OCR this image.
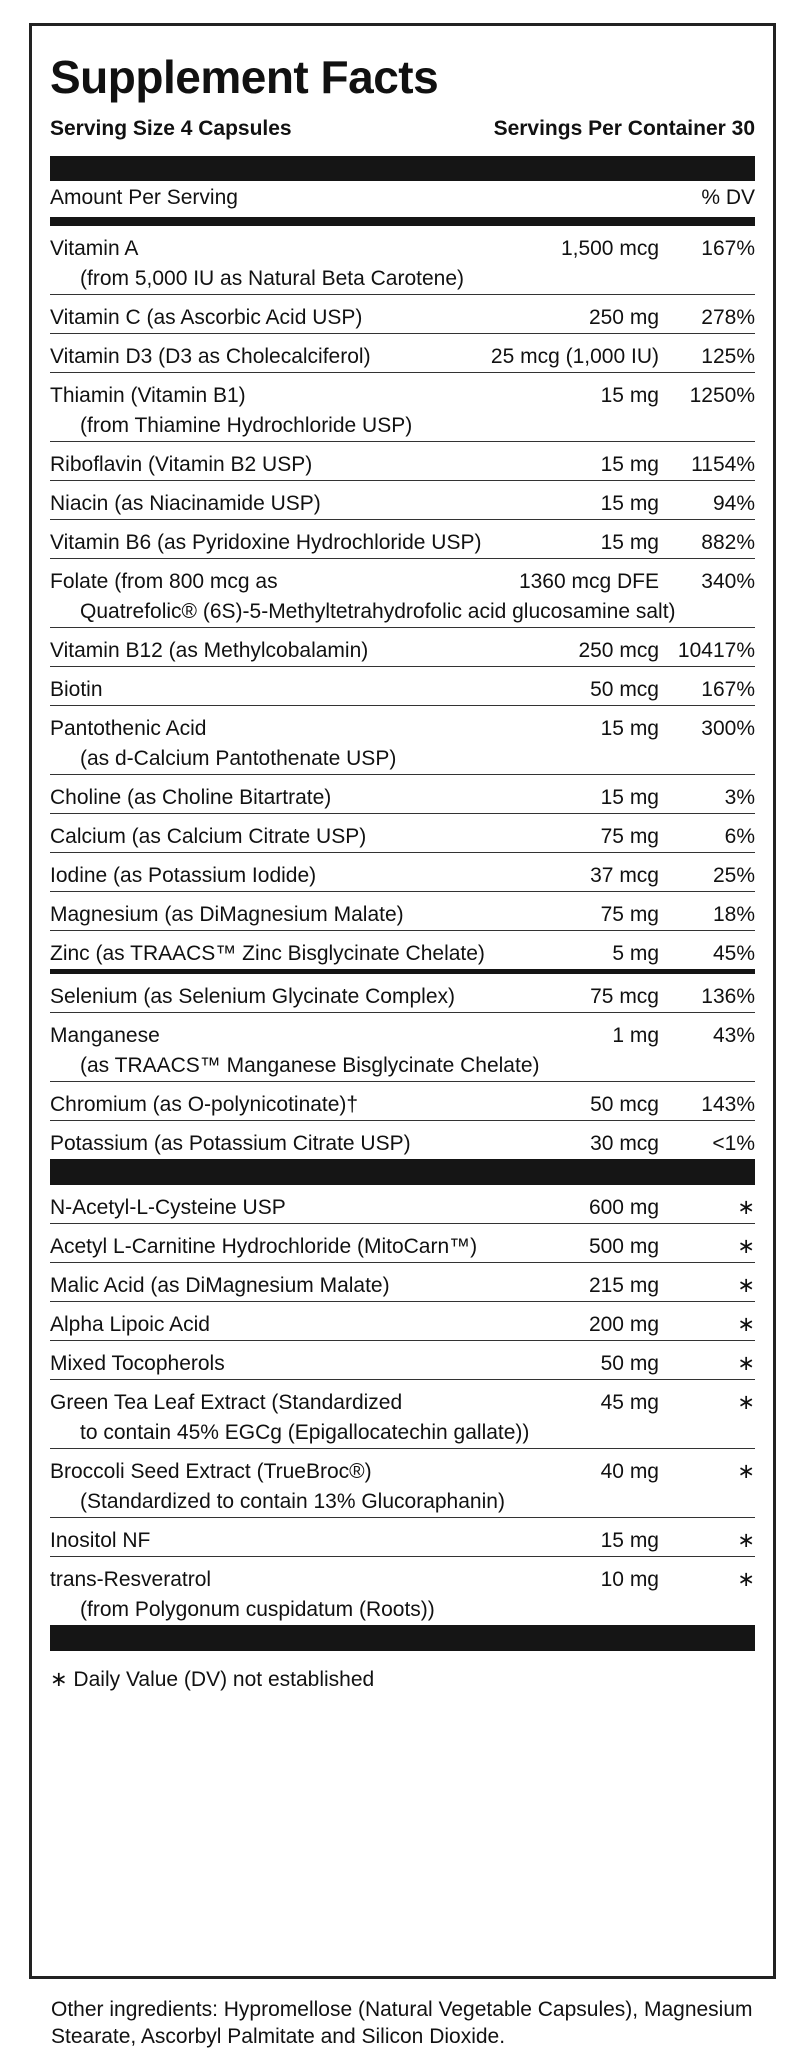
Supplement Facts
Serving Size 4 Capsules	Servings Per Container 30
Amount Per Serving	% DV
Vitamin A
(from 5,000 IU as Natural Beta Carotene)
1,500 mcg	167%
Vitamin C (as Ascorbic Acid USP)	250 mg	278%
Vitamin D3 (D3 as Cholecalciferol)	25 mcg (1,000 IU)	125%
Thiamin (Vitamin B1)
(from Thiamine Hydrochloride USP)
15 mg	1250%
Riboflavin (Vitamin B2 USP)	15 mg	1154%
Niacin (as Niacinamide USP)	15 mg	94%
Vitamin B6 (as Pyridoxine Hydrochloride USP)	15 mg	882%
Folate (from 800 mcg as	1360 mcg DFE	340%
Quatrefolic® (6S)-5-Methyltetrahydrofolic acid glucosamine salt)
Vitamin B12 (as Methylcobalamin)	250 mcg 10417%
Biotin	50 mcg	167%
Pantothenic Acid
(as d-Calcium Pantothenate USP)
15 mg	300%
Choline (as Choline Bitartrate)	15 mg	3%
Calcium (as Calcium Citrate USP)	75 mg	6%
Iodine (as Potassium Iodide)	37 mcg	25%
Magnesium (as DiMagnesium Malate)	75 mg	18%
Zinc (as TRAACS™ Zinc Bisglycinate Chelate)	5 mg	45%
Selenium (as Selenium Glycinate Complex)	75 mcg	136%
Manganese
(as TRAACS™ Manganese Bisglycinate Chelate)
1 mg	43%
Chromium (as O-polynicotinate)†	50 mcg	143%
Potassium (as Potassium Citrate USP)	30 mcg	<1%
N-Acetyl-L-Cysteine USP	600 mg	∗
Acetyl L-Carnitine Hydrochloride (MitoCarn™)	500 mg	∗
Malic Acid (as DiMagnesium Malate)	215 mg	∗
Alpha Lipoic Acid	200 mg	∗
Mixed Tocopherols	50 mg	∗
Green Tea Leaf Extract (Standardized
to contain 45% EGCg (Epigallocatechin gallate))
45 mg	∗
Broccoli Seed Extract (TrueBroc®)
(Standardized to contain 13% Glucoraphanin)
40 mg	∗
Inositol NF	15 mg	∗
trans-Resveratrol
(from Polygonum cuspidatum (Roots))
10 mg	∗
∗ Daily Value (DV) not established
Other ingredients: Hypromellose (Natural Vegetable Capsules), Magnesium Stearate, Ascorbyl Palmitate and Silicon Dioxide.
